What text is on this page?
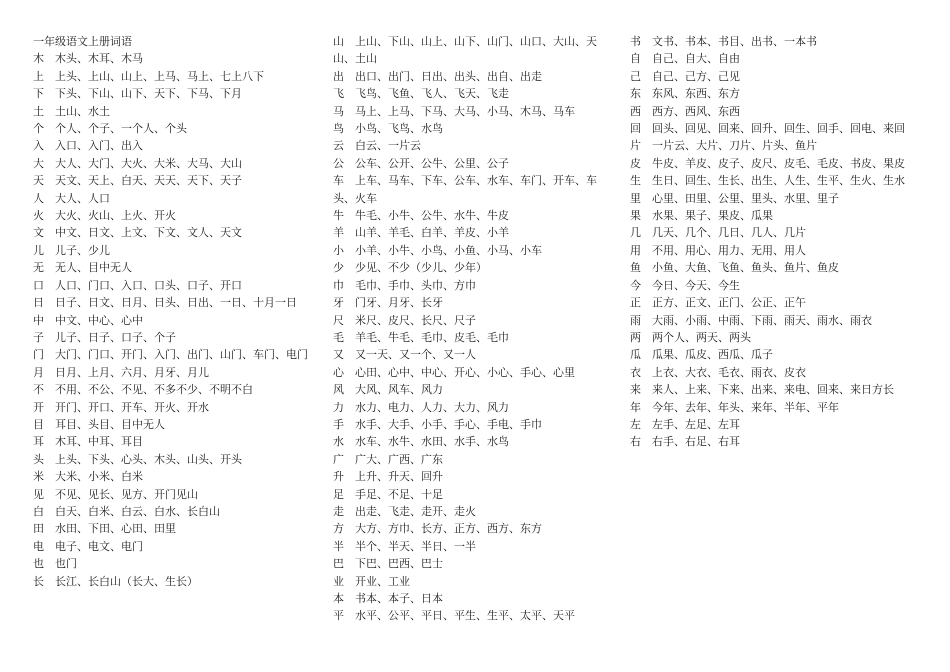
一年级语文上册词语
木 木头、木耳、木马
上 上头、上山、山上、上马、马上、七上八下
下 下头、下山、山下、天下、下马、下月
土 土山、水土
个 个人、个子、一个人、个头
入 入口、入门、出入
大 大人、大门、大火、大米、大马、大山
天 天文、天上、白天、天天、天下、天子
人 大人、人口
火 大火、火山、上火、开火
文 中文、日文、上文、下文、文人、天文
儿 儿子、少儿
无 无人、目中无人
口 人口、门口、入口、口头、口子、开口
日 日子、日文、日月、日头、日出、一日、十月一日
中 中文、中心、心中
子 儿子、日子、口子、个子
门 大门、门口、开门、入门、出门、山门、车门、电门
月 日月、上月、六月、月牙、月儿
不 不用、不公、不见、不多不少、不明不白
开 开门、开口、开车、开火、开水
目 耳目、头目、目中无人
耳 木耳、中耳、耳目
头 上头、下头、心头、木头、山头、开头
米 大米、小米、白米
见 不见、见长、见方、开门见山
白 白天、白米、白云、白水、长白山
田 水田、下田、心田、田里
电 电子、电文、电门
也 也门
长 长江、长白山（长大、生长）
山 上山、下山、山上、山下、山门、山口、大山、天山、土山
出 出口、出门、日出、出头、出自、出走
飞 飞鸟、飞鱼、飞人、飞天、飞走
马 马上、上马、下马、大马、小马、木马、马车
鸟 小鸟、飞鸟、水鸟
云 白云、一片云
公 公车、公开、公牛、公里、公子
车 上车、马车、下车、公车、水车、车门、开车、车头、火车
牛 牛毛、小牛、公牛、水牛、牛皮
羊 山羊、羊毛、白羊、羊皮、小羊
小 小羊、小牛、小鸟、小鱼、小马、小车
少 少见、不少（少儿、少年）
巾 毛巾、手巾、头巾、方巾
牙 门牙、月牙、长牙
尺 米尺、皮尺、长尺、尺子
毛 羊毛、牛毛、毛巾、皮毛、毛巾
又 又一天、又一个、又一人
心 心田、心中、中心、开心、小心、手心、心里
风 大风、风车、风力
力 水力、电力、人力、大力、风力
手 水手、大手、小手、手心、手电、手巾
水 水车、水牛、水田、水手、水鸟
广 广大、广西、广东
升 上升、升天、回升
足 手足、不足、十足
走 出走、飞走、走开、走火
方 大方、方巾、长方、正方、西方、东方
半 半个、半天、半日、一半
巴 下巴、巴西、巴士
业 开业、工业
本 书本、本子、日本
平 水平、公平、平日、平生、生平、太平、天平
书 文书、书本、书目、出书、一本书
自 自己、自大、自由
己 自己、己方、己见
东 东风、东西、东方
西 西方、西风、东西
回 回头、回见、回来、回升、回生、回手、回电、来回
片 一片云、大片、刀片、片头、鱼片
皮 牛皮、羊皮、皮子、皮尺、皮毛、毛皮、书皮、果皮
生 生日、回生、生长、出生、人生、生平、生火、生水
里 心里、田里、公里、里头、水里、里子
果 水果、果子、果皮、瓜果
几 几天、几个、几日、几人、几片
用 不用、用心、用力、无用、用人
鱼 小鱼、大鱼、飞鱼、鱼头、鱼片、鱼皮
今 今日、今天、今生
正 正方、正文、正门、公正、正午
雨 大雨、小雨、中雨、下雨、雨天、雨水、雨衣
两 两个人、两天、两头
瓜 瓜果、瓜皮、西瓜、瓜子
衣 上衣、大衣、毛衣、雨衣、皮衣
来 来人、上来、下来、出来、来电、回来、来日方长
年 今年、去年、年头、来年、半年、平年
左 左手、左足、左耳
右 右手、右足、右耳
